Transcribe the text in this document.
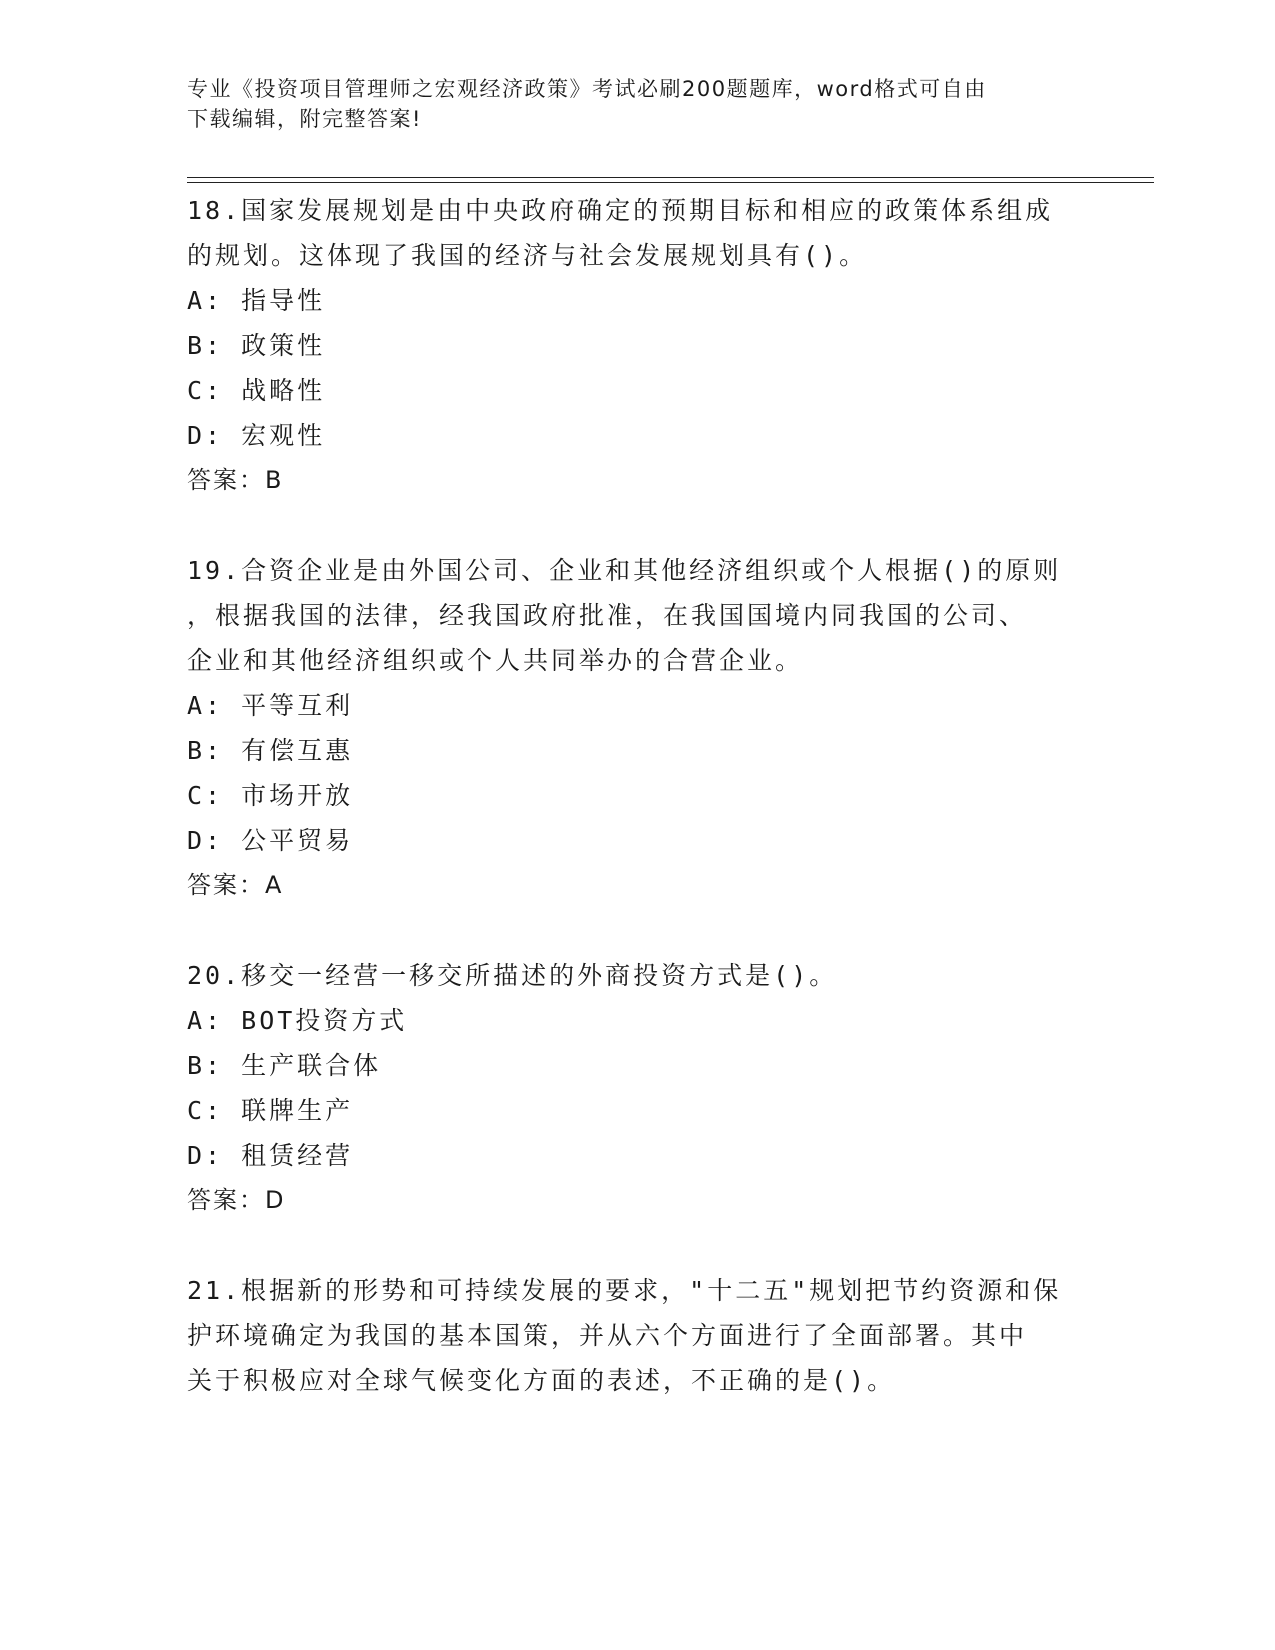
专业《投资项目管理师之宏观经济政策》考试必刷200题题库，word格式可自由
下载编辑，附完整答案!

18.国家发展规划是由中央政府确定的预期目标和相应的政策体系组成

的规划。这体现了我国的经济与社会发展规划具有()。

A: 指导性

B: 政策性

C: 战略性

D: 宏观性

答案：B

19.合资企业是由外国公司、企业和其他经济组织或个人根据()的原则

，根据我国的法律，经我国政府批准，在我国国境内同我国的公司、

企业和其他经济组织或个人共同举办的合营企业。

A: 平等互利

B: 有偿互惠

C: 市场开放

D: 公平贸易

答案：A

20.移交一经营一移交所描述的外商投资方式是()。

A: BOT投资方式

B: 生产联合体

C: 联牌生产

D: 租赁经营

答案：D

21.根据新的形势和可持续发展的要求，"十二五"规划把节约资源和保

护环境确定为我国的基本国策，并从六个方面进行了全面部署。其中

关于积极应对全球气候变化方面的表述，不正确的是()。
